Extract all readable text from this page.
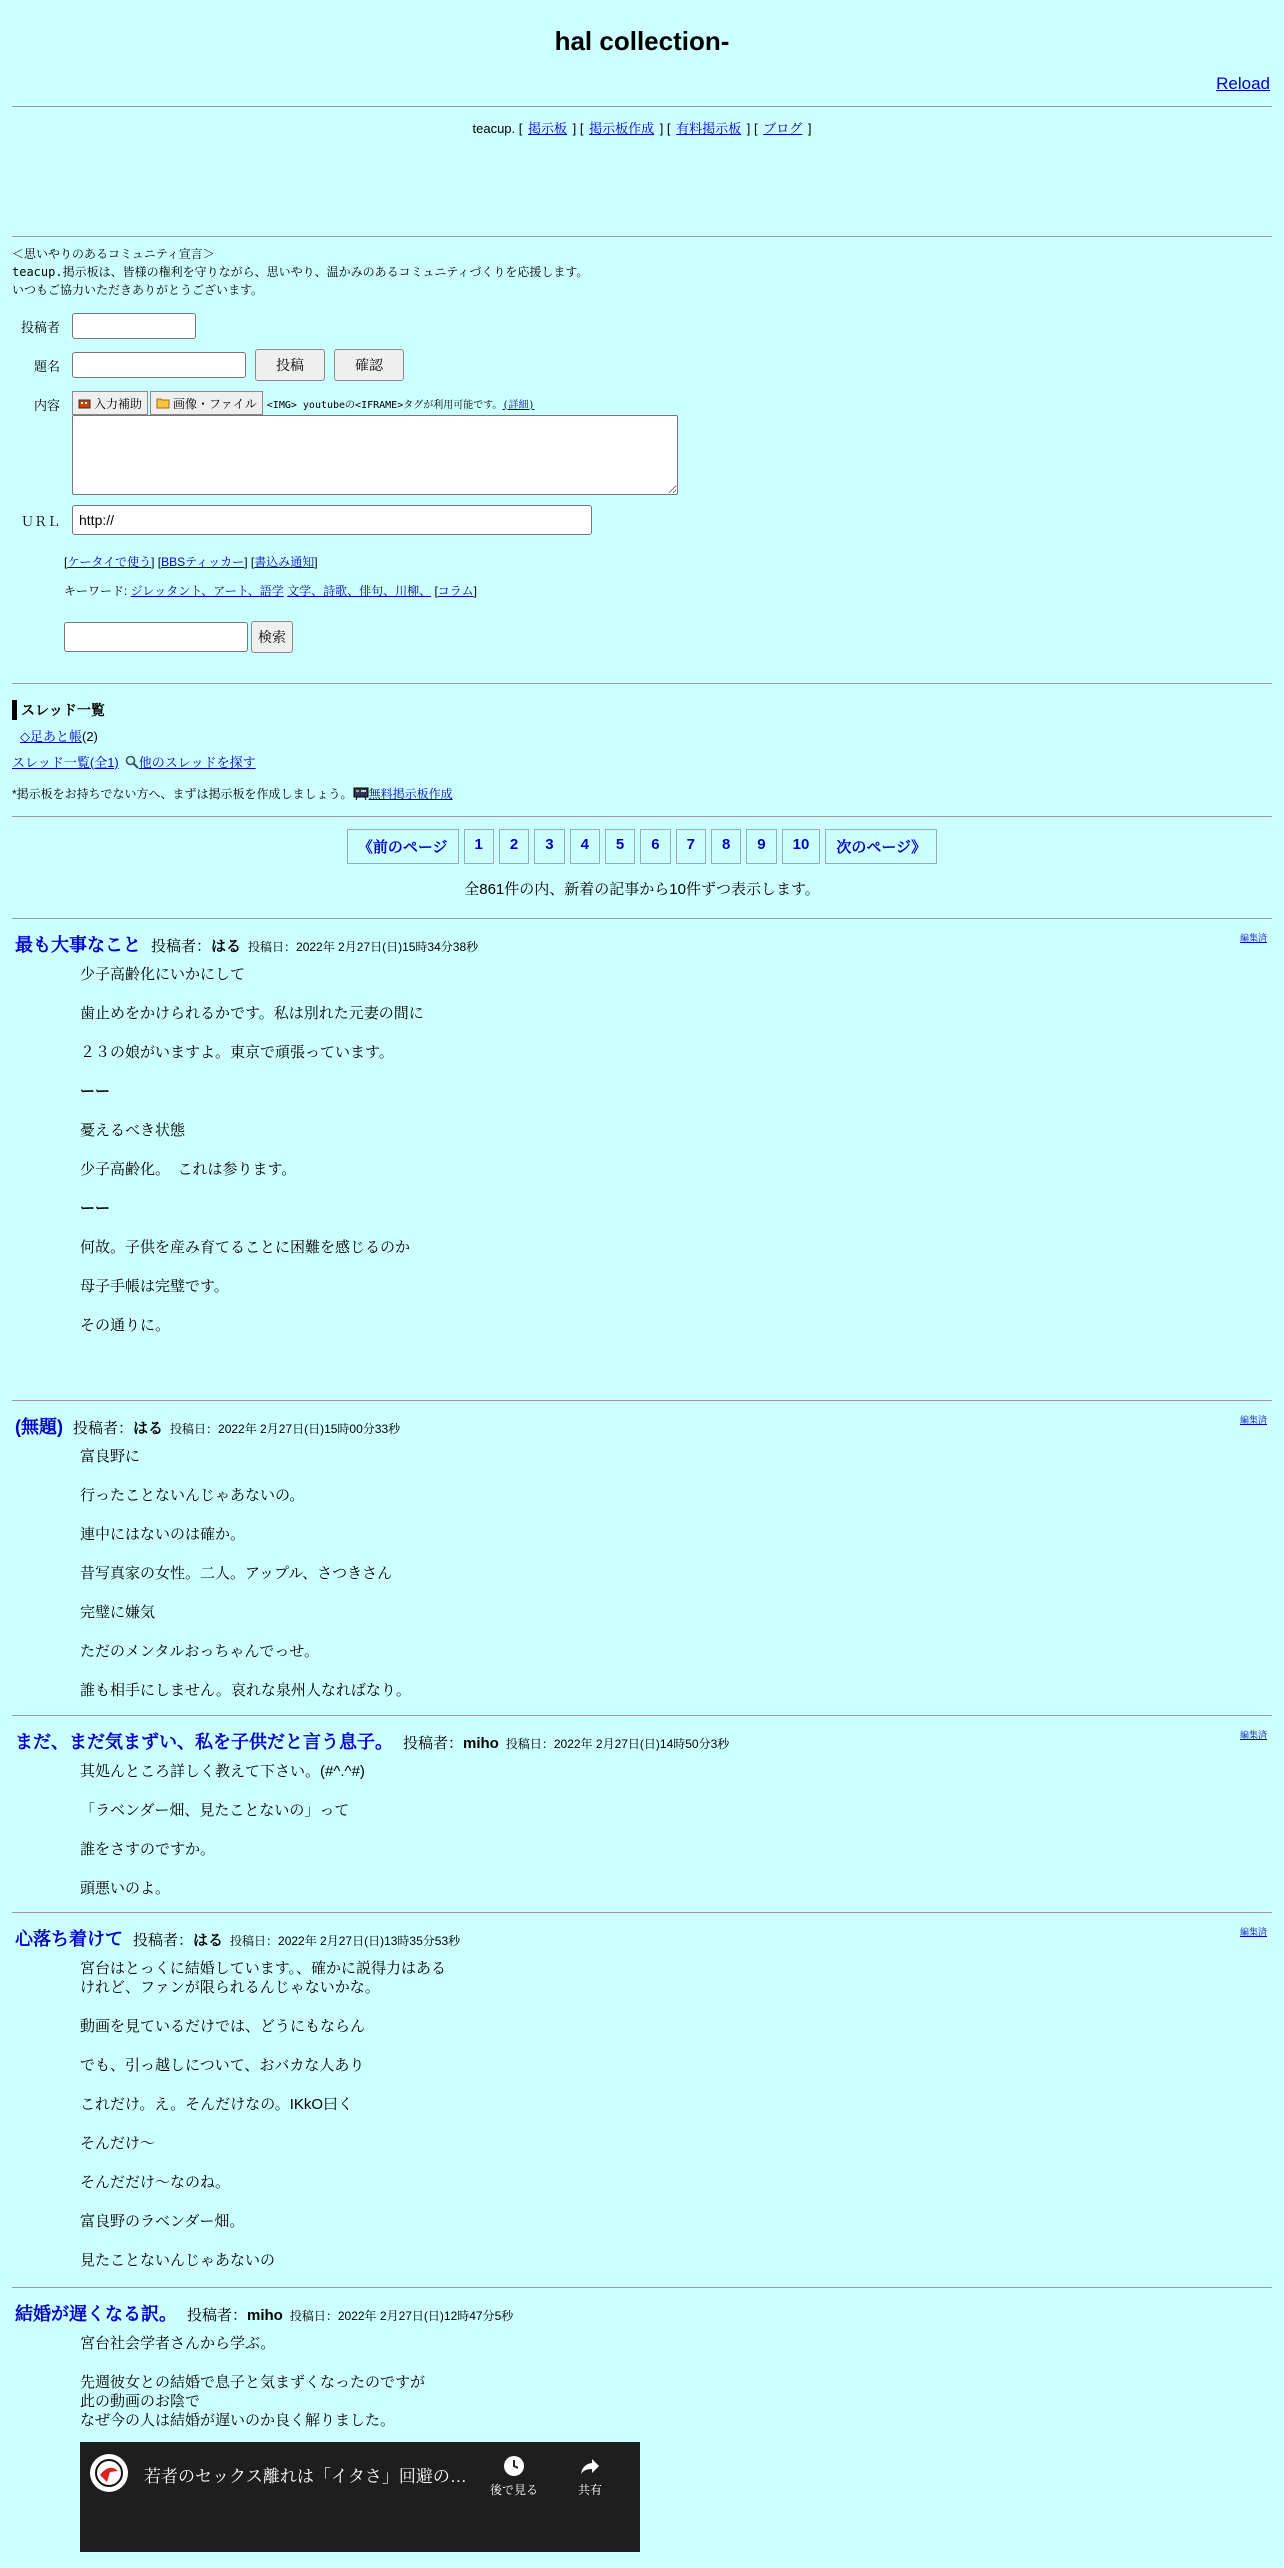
hal collection-
Reload
teacup. [ 掲示板 ] [ 掲示板作成 ] [ 有料掲示板 ] [ ブログ ]
＜思いやりのあるコミュニティ宣言＞
teacup.掲示板は、皆様の権利を守りながら、思いやり、温かみのあるコミュニティづくりを応援します。
いつもご協力いただきありがとうございます。
投稿者
題名	投稿	確認
内容	入力補助	画像・ファイル <IMG> youtubeの<IFRAME>タグが利用可能です。(詳細)
ＵＲＬ
http://
[ケータイで使う] [BBSティッカー] [書込み通知]
キーワード: ジレッタント、アート、語学 文学、詩歌、俳句、川柳、 [コラム]
検索
スレッド一覧
◇足あと帳(2)
スレッド一覧(全1) 他のスレッドを探す
*掲示板をお持ちでない方へ、まずは掲示板を作成しましょう。 無料掲示板作成
《前のページ	1	2	3	4	5	6	7	8	9	10	次のページ》
全861件の内、新着の記事から10件ずつ表示します。
編集済
最も大事なこと 投稿者： はる 投稿日：2022年 2月27日(日)15時34分38秒

少子高齢化にいかにして

歯止めをかけられるかです。私は別れた元妻の間に

２３の娘がいますよ。東京で頑張っています。

ーー

憂えるべき状態

少子高齢化。　これは参ります。

ーー

何故。子供を産み育てることに困難を感じるのか

母子手帳は完璧です。

その通りに。

編集済
(無題) 投稿者： はる 投稿日：2022年 2月27日(日)15時00分33秒

富良野に

行ったことないんじゃあないの。

連中にはないのは確か。

昔写真家の女性。二人。アップル、さつきさん

完璧に嫌気

ただのメンタルおっちゃんでっせ。

誰も相手にしません。哀れな泉州人なればなり。

編集済
まだ、まだ気まずい、私を子供だと言う息子。 投稿者： miho 投稿日：2022年 2月27日(日)14時50分3秒

其処んところ詳しく教えて下さい。(#^.^#)

「ラベンダー畑、見たことないの」って

誰をさすのですか。

頭悪いのよ。

編集済
心落ち着けて 投稿者： はる 投稿日：2022年 2月27日(日)13時35分53秒

宮台はとっくに結婚しています。、確かに説得力はある
けれど、ファンが限られるんじゃないかな。

動画を見ているだけでは、どうにもならん

でも、引っ越しについて、おバカな人あり

これだけ。え。そんだけなの。IKkO曰く

そんだけ～

そんだだけ～なのね。

富良野のラベンダー畑。

見たことないんじゃあないの

結婚が遅くなる訳。 投稿者： miho 投稿日：2022年 2月27日(日)12時47分5秒

宮台社会学者さんから学ぶ。

先週彼女との結婚で息子と気まずくなったのですが
此の動画のお陰で
なぜ今の人は結婚が遅いのか良く解りました。

若者のセックス離れは「イタさ」回避の…
後で見る	共有
